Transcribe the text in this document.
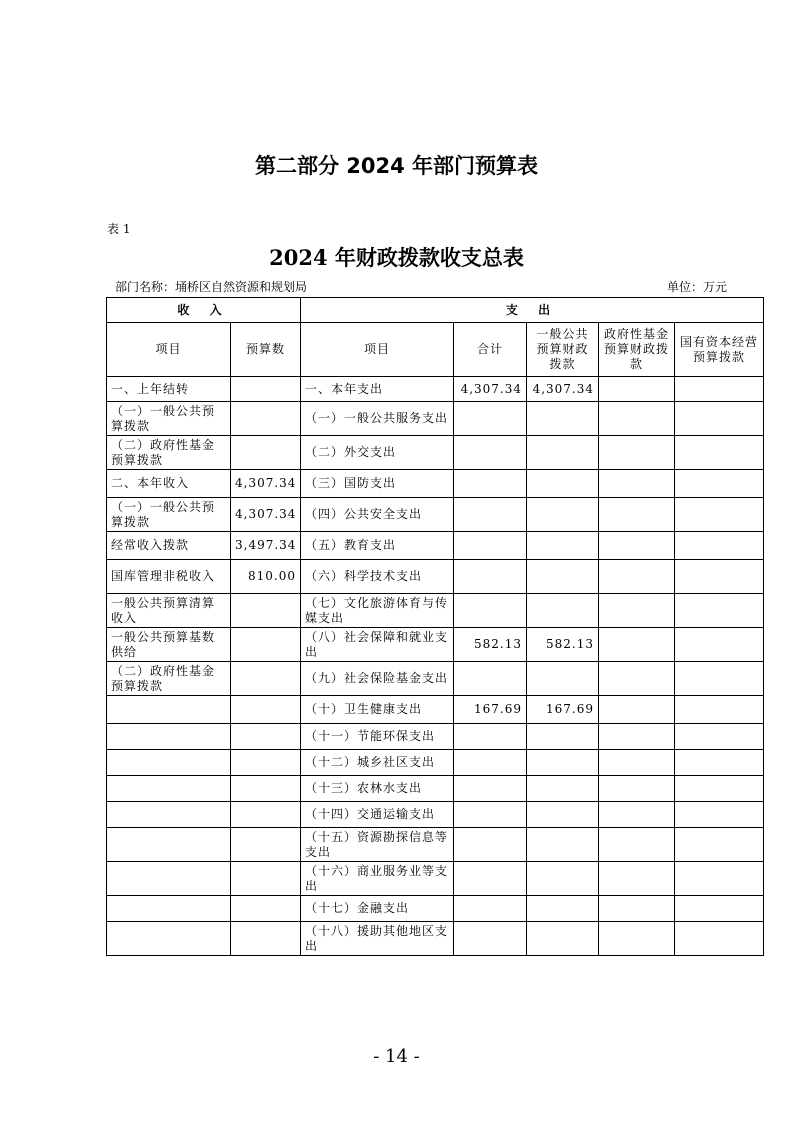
第二部分 2024 年部门预算表
表 1
2024 年财政拨款收支总表
部门名称：埇桥区自然资源和规划局	单位：万元
收 入		支 出				
项目	预算数	项目	合计	一般公共预算财政拨款	政府性基金预算财政拨款	国有资本经营预算拨款
一、上年结转		一、本年支出	4,307.34	4,307.34		
（一）一般公共预算拨款		（一）一般公共服务支出				
（二）政府性基金预算拨款		（二）外交支出				
二、本年收入	4,307.34	（三）国防支出				
（一）一般公共预算拨款	4,307.34	（四）公共安全支出				
经常收入拨款	3,497.34	（五）教育支出				
国库管理非税收入	810.00	（六）科学技术支出				
一般公共预算清算收入		（七）文化旅游体育与传媒支出				
一般公共预算基数供给		（八）社会保障和就业支出	582.13	582.13		
（二）政府性基金预算拨款		（九）社会保险基金支出				
		（十）卫生健康支出	167.69	167.69		
		（十一）节能环保支出				
		（十二）城乡社区支出				
		（十三）农林水支出				
		（十四）交通运输支出				
		（十五）资源勘探信息等支出				
		（十六）商业服务业等支出				
		（十七）金融支出				
		（十八）援助其他地区支出				
- 14 -
